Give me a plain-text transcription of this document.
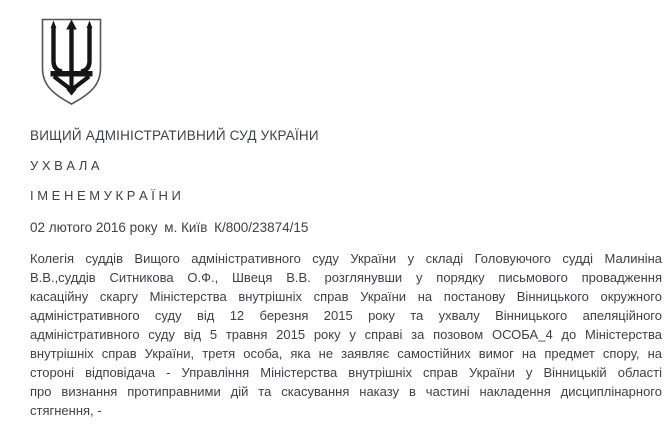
ВИЩИЙ АДМІНІСТРАТИВНИЙ СУД УКРАЇНИ
У Х В А Л А
І М Е Н Е М У К Р А Ї Н И
02 лютого 2016 року м. Київ К/800/23874/15
Колегія суддів Вищого адміністративного суду України у складі Головуючого судді Малиніна
В.В.,суддів Ситникова О.Ф., Швеця В.В. розглянувши у порядку письмового провадження
касаційну скаргу Міністерства внутрішніх справ України на постанову Вінницького окружного
адміністративного суду від 12 березня 2015 року та ухвалу Вінницького апеляційного
адміністративного суду від 5 травня 2015 року у справі за позовом ОСОБА_4 до Міністерства
внутрішніх справ України, третя особа, яка не заявляє самостійних вимог на предмет спору, на
стороні відповідача - Управління Міністерства внутрішніх справ України у Вінницькій області
про визнання протиправними дій та скасування наказу в частині накладення дисциплінарного
стягнення, -
